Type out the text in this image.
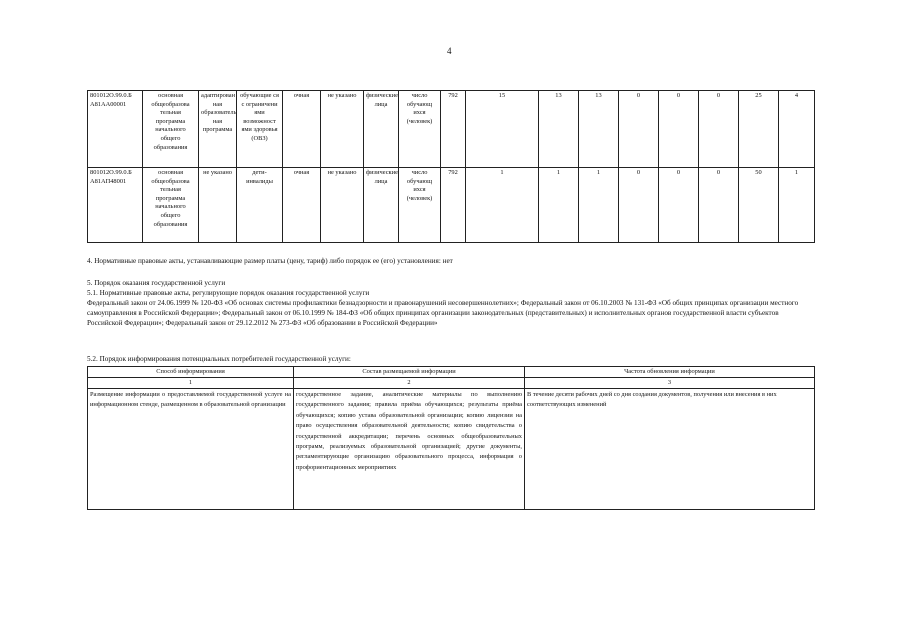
4
801012О.99.0.Б А81АА00001	основная общеобразова тельная программа начального общего образования	адаптирован ная образователь ная программа	обучающие ся с ограничени ями возможност ями здоровья (ОВЗ)	очная	не указано	физические лица	число обучающ ихся (человек)	792	15	13	13	0	0	0	25	4
801012О.99.0.Б А81АП48001	основная общеобразова тельная программа начального общего образования	не указано	дети-инвалиды	очная	не указано	физические лица	число обучающ ихся (человек)	792	1	1	1	0	0	0	50	1
4. Нормативные правовые акты, устанавливающие размер платы (цену, тариф) либо порядок ее (его) установления: нет
5. Порядок оказания государственной услуги
5.1. Нормативные правовые акты, регулирующие порядок оказания государственной услуги
Федеральный закон от 24.06.1999 № 120-ФЗ «Об основах системы профилактики безнадзорности и правонарушений несовершеннолетних»; Федеральный закон от 06.10.2003 № 131-ФЗ «Об общих принципах организации местного самоуправления в Российской Федерации»; Федеральный закон от 06.10.1999 № 184-ФЗ «Об общих принципах организации законодательных (представительных) и исполнительных органов государственной власти субъектов Российской Федерации»; Федеральный закон от 29.12.2012 № 273-ФЗ «Об образовании в Российской Федерации»
5.2. Порядок информирования потенциальных потребителей государственной услуги:
Способ информирования	Состав размещаемой информации	Частота обновления информации
1	2	3
Размещение информации о предоставляемой государственной услуге на информационном стенде, размещенном в образовательной организации	государственное задание, аналитические материалы по выполнению государственного задания; правила приёма обучающихся; результаты приёма обучающихся; копию устава образовательной организации; копию лицензии на право осуществления образовательной деятельности; копию свидетельства о государственной аккредитации; перечень основных общеобразовательных программ, реализуемых образовательной организацией; другие документы, регламентирующие организацию образовательного процесса, информация о профориентационных мероприятиях	В течение десяти рабочих дней со дня создания документов, получения или внесения в них соответствующих изменений
